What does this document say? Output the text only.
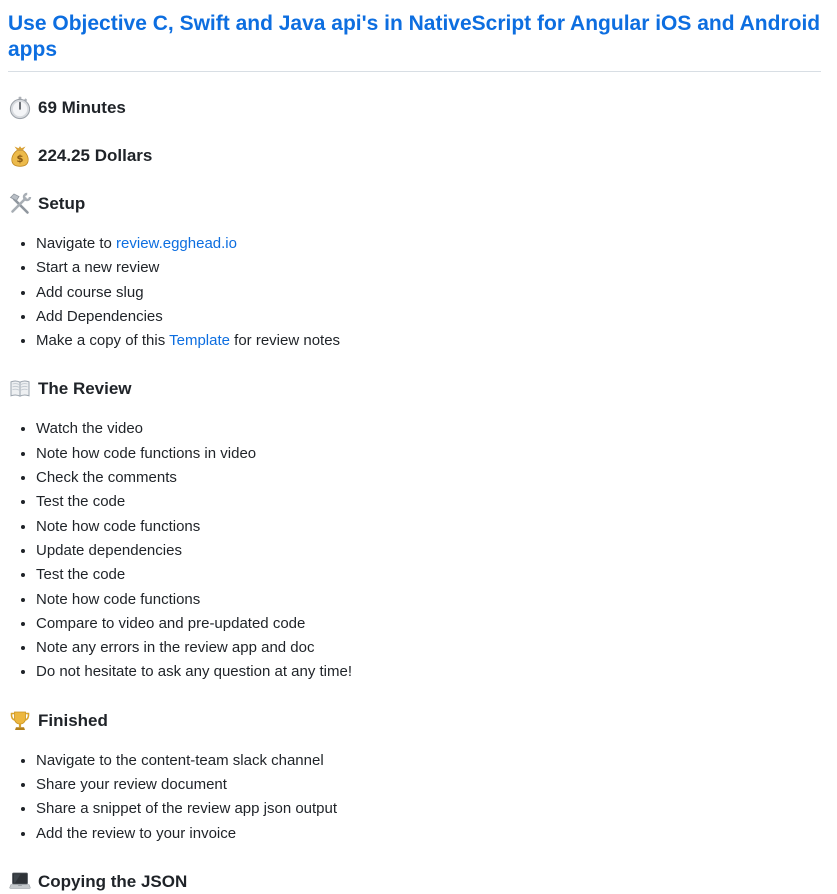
Use Objective C, Swift and Java api's in NativeScript for Angular iOS and Android apps
69 Minutes
$ 224.25 Dollars
Setup
• Navigate to review.egghead.io
• Start a new review
• Add course slug
• Add Dependencies
• Make a copy of this Template for review notes
The Review
• Watch the video
• Note how code functions in video
• Check the comments
• Test the code
• Note how code functions
• Update dependencies
• Test the code
• Note how code functions
• Compare to video and pre-updated code
• Note any errors in the review app and doc
• Do not hesitate to ask any question at any time!
Finished
• Navigate to the content-team slack channel
• Share your review document
• Share a snippet of the review app json output
• Add the review to your invoice
Copying the JSON
